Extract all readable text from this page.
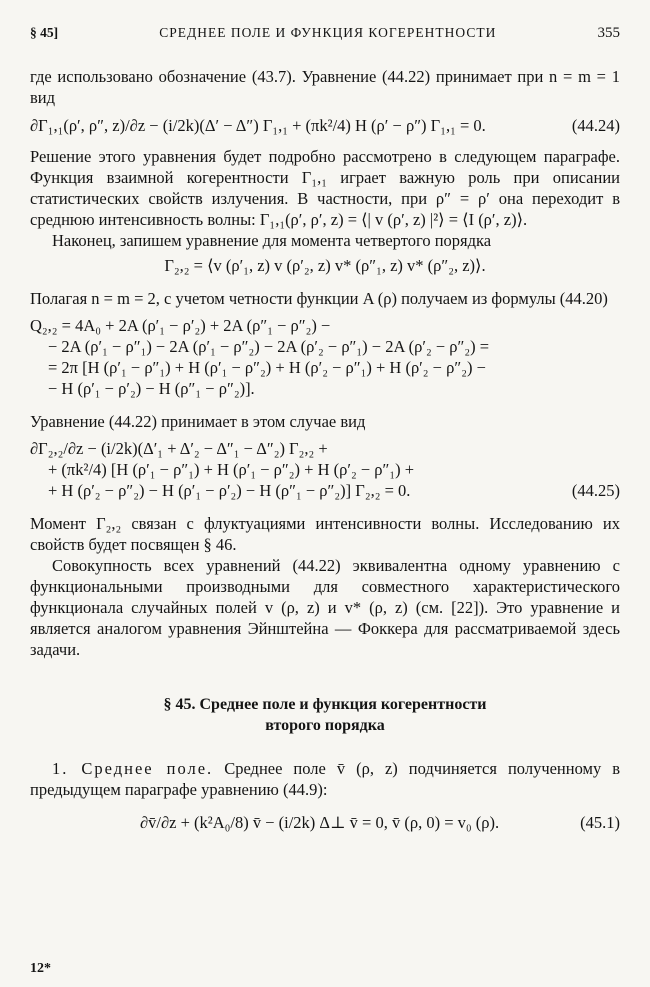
§ 45]	СРЕДНЕЕ ПОЛЕ И ФУНКЦИЯ КОГЕРЕНТНОСТИ	355

где использовано обозначение (43.7). Уравнение (44.22) принимает при n = m = 1 вид

∂Γ₁,₁(ρ′, ρ″, z)/∂z − (i/2k)(Δ′ − Δ″) Γ₁,₁ + (πk²/4) H (ρ′ − ρ″) Γ₁,₁ = 0.	(44.24)

Решение этого уравнения будет подробно рассмотрено в следующем параграфе. Функция взаимной когерентности Γ₁,₁ играет важную роль при описании статистических свойств излучения. В частности, при ρ″ = ρ′ она переходит в среднюю интенсивность волны: Γ₁,₁(ρ′, ρ′, z) = ⟨| v (ρ′, z) |²⟩ = ⟨I (ρ′, z)⟩.

Наконец, запишем уравнение для момента четвертого порядка

Γ₂,₂ = ⟨v (ρ′₁, z) v (ρ′₂, z) v* (ρ″₁, z) v* (ρ″₂, z)⟩.

Полагая n = m = 2, с учетом четности функции A (ρ) получаем из формулы (44.20)

Q₂,₂ = 4A₀ + 2A (ρ′₁ − ρ′₂) + 2A (ρ″₁ − ρ″₂) −
− 2A (ρ′₁ − ρ″₁) − 2A (ρ′₁ − ρ″₂) − 2A (ρ′₂ − ρ″₁) − 2A (ρ′₂ − ρ″₂) =
= 2π [H (ρ′₁ − ρ″₁) + H (ρ′₁ − ρ″₂) + H (ρ′₂ − ρ″₁) + H (ρ′₂ − ρ″₂) −
− H (ρ′₁ − ρ′₂) − H (ρ″₁ − ρ″₂)].

Уравнение (44.22) принимает в этом случае вид

∂Γ₂,₂/∂z − (i/2k)(Δ′₁ + Δ′₂ − Δ″₁ − Δ″₂) Γ₂,₂ +
+ (πk²/4) [H (ρ′₁ − ρ″₁) + H (ρ′₁ − ρ″₂) + H (ρ′₂ − ρ″₁) +
+ H (ρ′₂ − ρ″₂) − H (ρ′₁ − ρ′₂) − H (ρ″₁ − ρ″₂)] Γ₂,₂ = 0.	(44.25)

Момент Γ₂,₂ связан с флуктуациями интенсивности волны. Исследованию их свойств будет посвящен § 46.

Совокупность всех уравнений (44.22) эквивалентна одному уравнению с функциональными производными для совместного характеристического функционала случайных полей v (ρ, z) и v* (ρ, z) (см. [22]). Это уравнение и является аналогом уравнения Эйнштейна — Фоккера для рассматриваемой здесь задачи.

§ 45. Среднее поле и функция когерентности
второго порядка

1. Среднее поле. Среднее поле v̄ (ρ, z) подчиняется полученному в предыдущем параграфе уравнению (44.9):

∂v̄/∂z + (k²A₀/8) v̄ − (i/2k) Δ⊥ v̄ = 0, v̄ (ρ, 0) = v₀ (ρ).	(45.1)
12*
